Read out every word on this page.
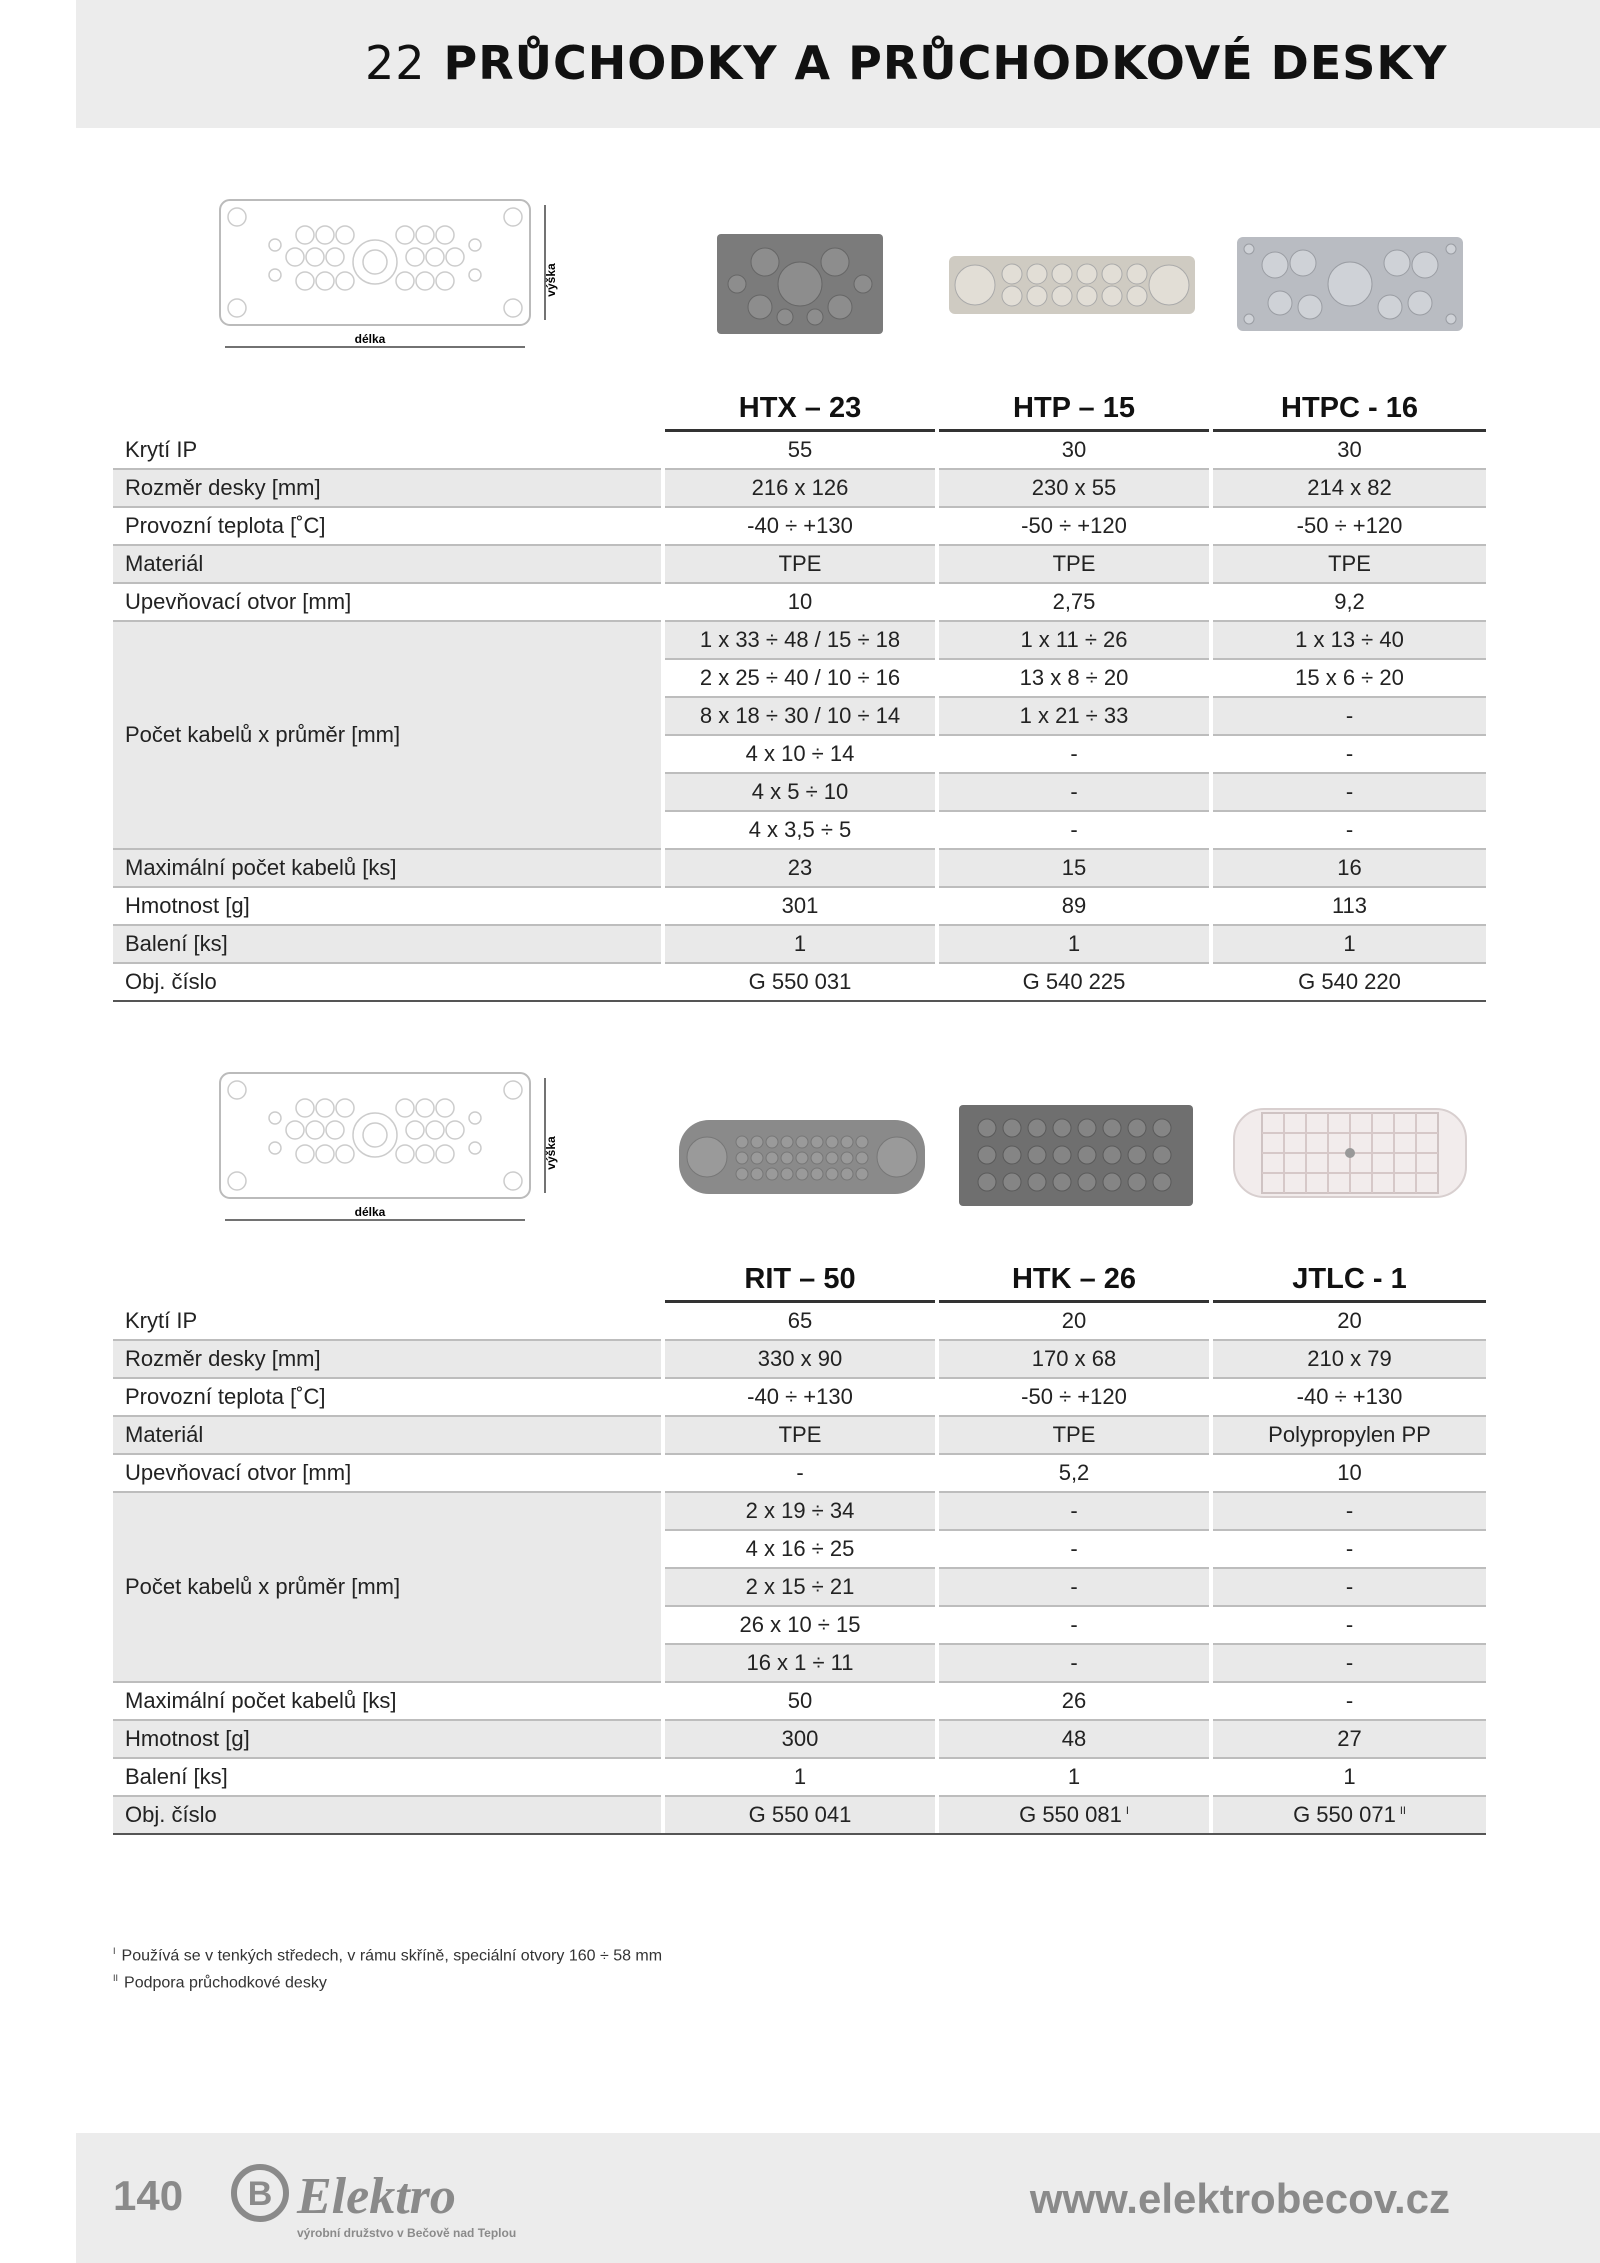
22 PRŮCHODKY A PRŮCHODKOVÉ DESKY
výška
délka
		HTX – 23		HTP – 15		HTPC - 16
Krytí IP		55		30		30
Rozměr desky [mm]		216 x 126		230 x 55		214 x 82
Provozní teplota [˚C]		-40 ÷ +130		-50 ÷ +120		-50 ÷ +120
Materiál		TPE		TPE		TPE
Upevňovací otvor [mm]		10		2,75		9,2
Počet kabelů x průměr [mm]		1 x 33 ÷ 48 / 15 ÷ 18		1 x 11 ÷ 26		1 x 13 ÷ 40
		2 x 25 ÷ 40 / 10 ÷ 16		13 x 8 ÷ 20		15 x 6 ÷ 20
		8 x 18 ÷ 30 / 10 ÷ 14		1 x 21 ÷ 33		-
		4 x 10 ÷ 14		-		-
		4 x 5 ÷ 10		-		-
		4 x 3,5 ÷ 5		-		-
Maximální počet kabelů [ks]		23		15		16
Hmotnost [g]		301		89		113
Balení [ks]		1		1		1
Obj. číslo		G 550 031		G 540 225		G 540 220
výška
délka
		RIT – 50		HTK – 26		JTLC - 1
Krytí IP		65		20		20
Rozměr desky [mm]		330 x 90		170 x 68		210 x 79
Provozní teplota [˚C]		-40 ÷ +130		-50 ÷ +120		-40 ÷ +130
Materiál		TPE		TPE		Polypropylen PP
Upevňovací otvor [mm]		-		5,2		10
Počet kabelů x průměr [mm]		2 x 19 ÷ 34		-		-
		4 x 16 ÷ 25		-		-
		2 x 15 ÷ 21		-		-
		26 x 10 ÷ 15		-		-
		16 x 1 ÷ 11		-		-
Maximální počet kabelů [ks]		50		26		-
Hmotnost [g]		300		48		27
Balení [ks]		1		1		1
Obj. číslo		G 550 041		G 550 081 $^I$		G 550 071 $^{II}$
$^I$ Používá se v tenkých středech, v rámu skříně, speciální otvory 160 ÷ 58 mm
$^{II}$ Podpora průchodkové desky
140 B Elektro
výrobní družstvo v Bečově nad Teplou
www.elektrobecov.cz
